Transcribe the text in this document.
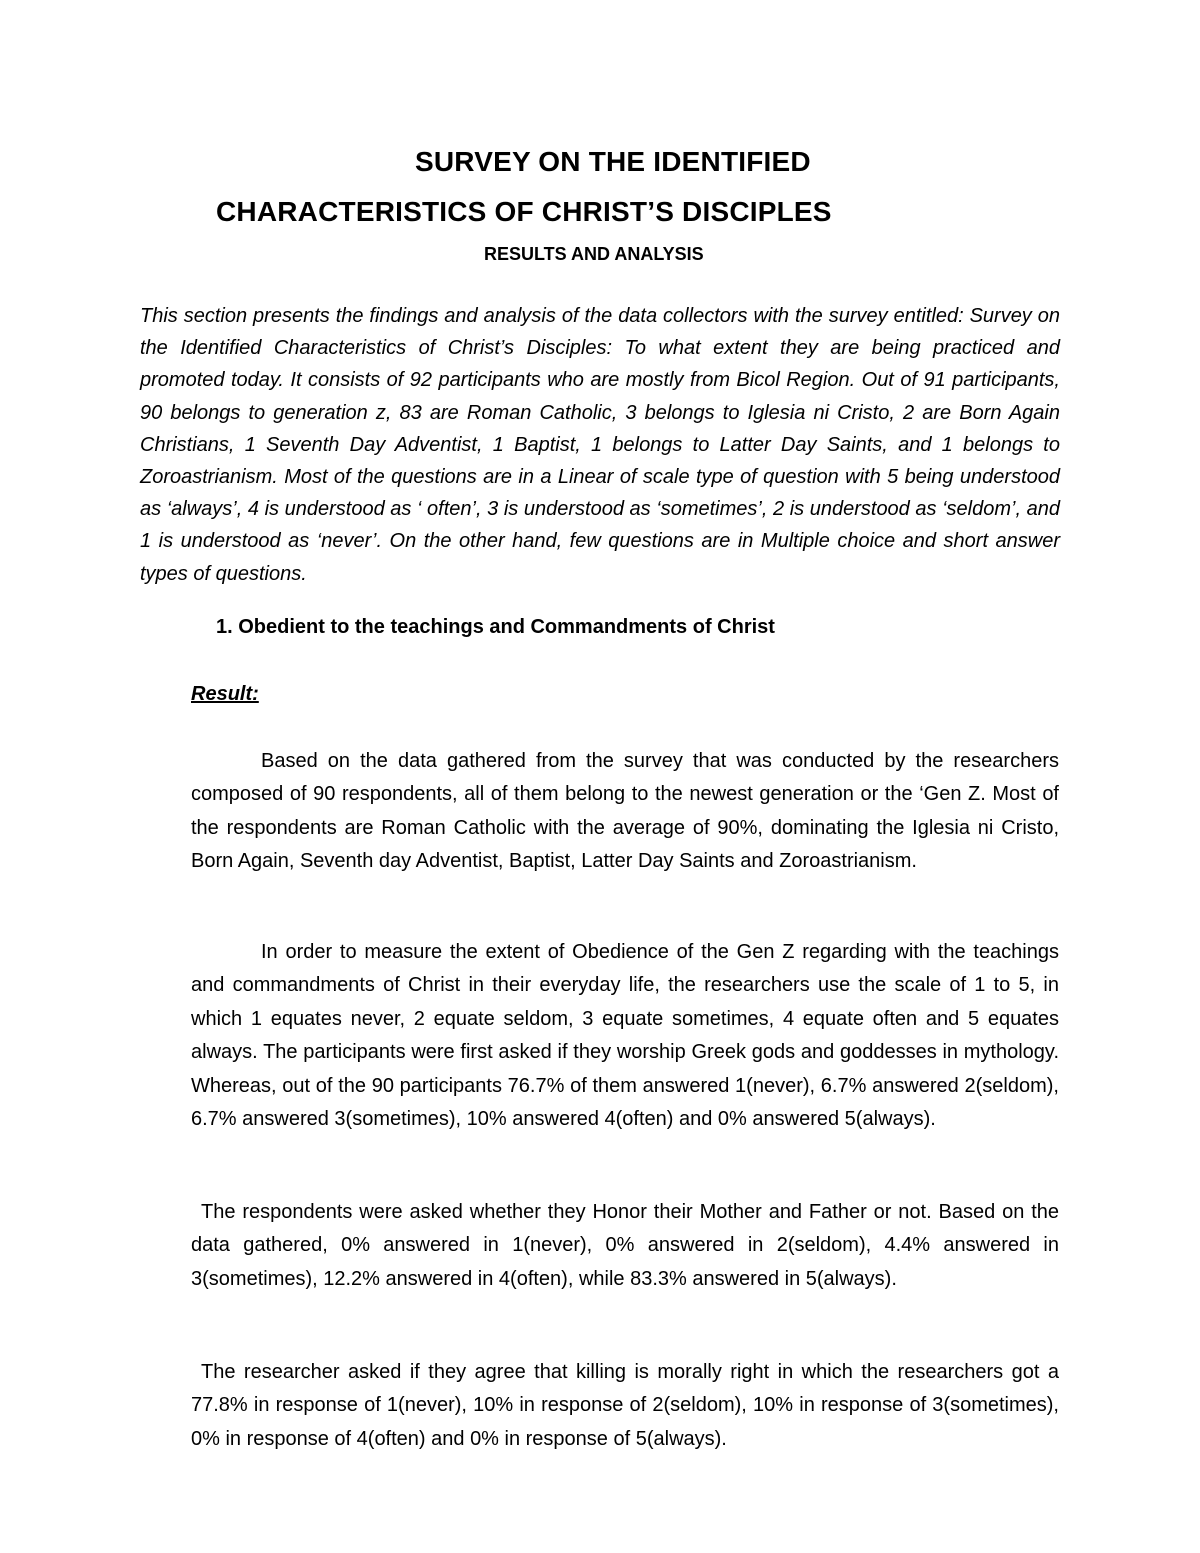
SURVEY ON THE IDENTIFIED
CHARACTERISTICS OF CHRIST’S DISCIPLES
RESULTS AND ANALYSIS

This section presents the findings and analysis of the data collectors with the survey entitled: Survey on the Identified Characteristics of Christ’s Disciples: To what extent they are being practiced and promoted today. It consists of 92 participants who are mostly from Bicol Region. Out of 91 participants, 90 belongs to generation z, 83 are Roman Catholic, 3 belongs to Iglesia ni Cristo, 2 are Born Again Christians, 1 Seventh Day Adventist, 1 Baptist, 1 belongs to Latter Day Saints, and 1 belongs to Zoroastrianism. Most of the questions are in a Linear of scale type of question with 5 being understood as ‘always’, 4 is understood as ‘ often’, 3 is understood as ‘sometimes’, 2 is understood as ‘seldom’, and 1 is understood as ‘never’. On the other hand, few questions are in Multiple choice and short answer types of questions.

1. Obedient to the teachings and Commandments of Christ
Result:

Based on the data gathered from the survey that was conducted by the researchers composed of 90 respondents, all of them belong to the newest generation or the ‘Gen Z. Most of the respondents are Roman Catholic with the average of 90%, dominating the Iglesia ni Cristo, Born Again, Seventh day Adventist, Baptist, Latter Day Saints and Zoroastrianism.

In order to measure the extent of Obedience of the Gen Z regarding with the teachings and commandments of Christ in their everyday life, the researchers use the scale of 1 to 5, in which 1 equates never, 2 equate seldom, 3 equate sometimes, 4 equate often and 5 equates always. The participants were first asked if they worship Greek gods and goddesses in mythology. Whereas, out of the 90 participants 76.7% of them answered 1(never), 6.7% answered 2(seldom), 6.7% answered 3(sometimes), 10% answered 4(often) and 0% answered 5(always).

The respondents were asked whether they Honor their Mother and Father or not. Based on the data gathered, 0% answered in 1(never), 0% answered in 2(seldom), 4.4% answered in 3(sometimes), 12.2% answered in 4(often), while 83.3% answered in 5(always).

The researcher asked if they agree that killing is morally right in which the researchers got a 77.8% in response of 1(never), 10% in response of 2(seldom), 10% in response of 3(sometimes), 0% in response of 4(often) and 0% in response of 5(always).
